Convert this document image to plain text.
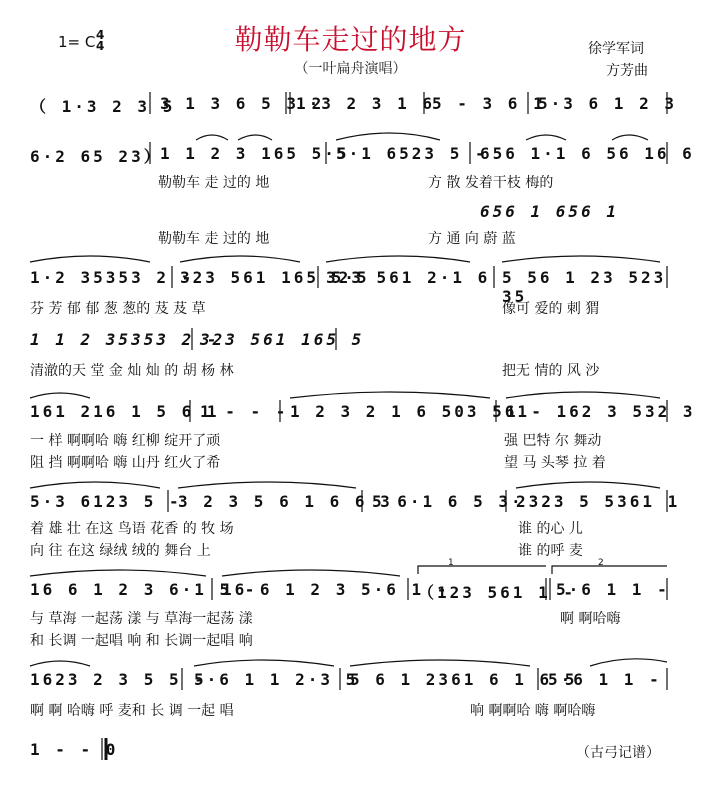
1= C 4
4	勒勒车走过的地方
（一叶扁舟演唱）
徐学军词
方芳曲
（ 1·3 2 3 5
3 1 3 6 5 3 2
1·3 2 3 1 6
5 - 3 6 1
5·3 6 1 2 3
6·2 65 23）
1 1 2 3 165 5·5
5·1 6523 5 -
656 1·1 6 56 16 6
勒勒车 走 过的 地	方 散 发着干枝 梅的
656 1 656 1
勒勒车 走 过的 地	方 通 向 蔚 蓝
1·2 35353 2 -
323 561 165 5·5
323 561 2·1 6 5 56 1 23 523 35
芬 芳 郁 郁 葱 葱的 芨 芨 草	像可 爱的 刺 猬
1 1 2 35353 2 -
323 561 165 5
清澈的天 堂 金 灿 灿 的 胡 杨 林	把无 情的 风 沙
161 216 1 5 6 1
1 - - - 1 2 3 2 1 6 503 561
1 - 162 3 532 3
一 样 啊啊哈 嗨 红柳 绽开了顽	强 巴特 尔 舞动
阻 挡 啊啊哈 嗨 山丹 红火了希	望 马 头琴 拉 着
5·3 6123 5 -
3 2 3 5 6 1 6 6 3
5 6·1 6 5 3·
2323 5 5361 1
着 雄 壮 在这 鸟语 花香 的 牧 场	谁 的心 儿
向 往 在这 绿绒 绒的 舞台 上	谁 的呼 麦
1	2
16 6 1 2 3 6·1 5 -
16 6 1 2 3 5·6 1 -
（123 561 1 -
5·6 1 1 -
与 草海 一起荡 漾 与 草海一起荡 漾	啊 啊哈嗨
和 长调 一起唱 响 和 长调一起唱 响
1623 2 3 5 5 -
5·6 1 1 2·3 5
5 6 1 2361 6 1 6 5
5·6 1 1 -
啊 啊 哈嗨 呼 麦和 长 调 一起 唱	响 啊啊哈 嗨 啊哈嗨
1 - - 0	（古弓记谱）
